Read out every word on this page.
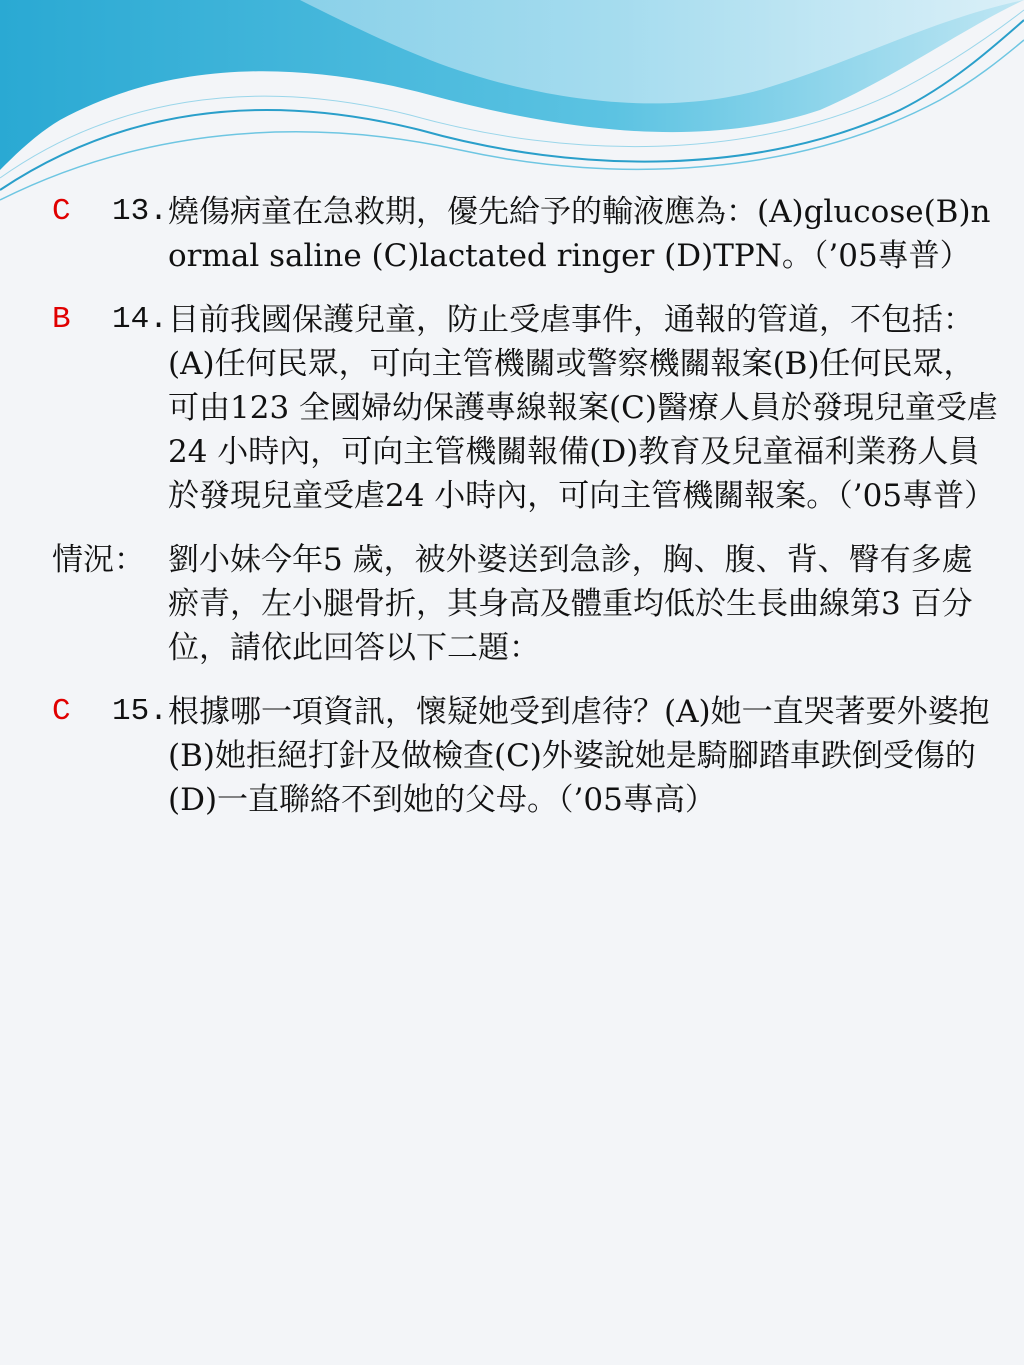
C	13. 燒傷病童在急救期，優先給予的輸液應為：(A)glucose(B)normal saline (C)lactated ringer (D)TPN。（’05專普）
B	14. 目前我國保護兒童，防止受虐事件，通報的管道，不包括：(A)任何民眾，可向主管機關或警察機關報案(B)任何民眾，可由123 全國婦幼保護專線報案(C)醫療人員於發現兒童受虐24 小時內，可向主管機關報備(D)教育及兒童福利業務人員於發現兒童受虐24 小時內，可向主管機關報案。（’05專普）
情況： 劉小妹今年5 歲，被外婆送到急診，胸、腹、背、臀有多處瘀青，左小腿骨折，其身高及體重均低於生長曲線第3 百分位，請依此回答以下二題：
C	15. 根據哪一項資訊，懷疑她受到虐待？(A)她一直哭著要外婆抱(B)她拒絕打針及做檢查(C)外婆說她是騎腳踏車跌倒受傷的(D)一直聯絡不到她的父母。（’05專高）
